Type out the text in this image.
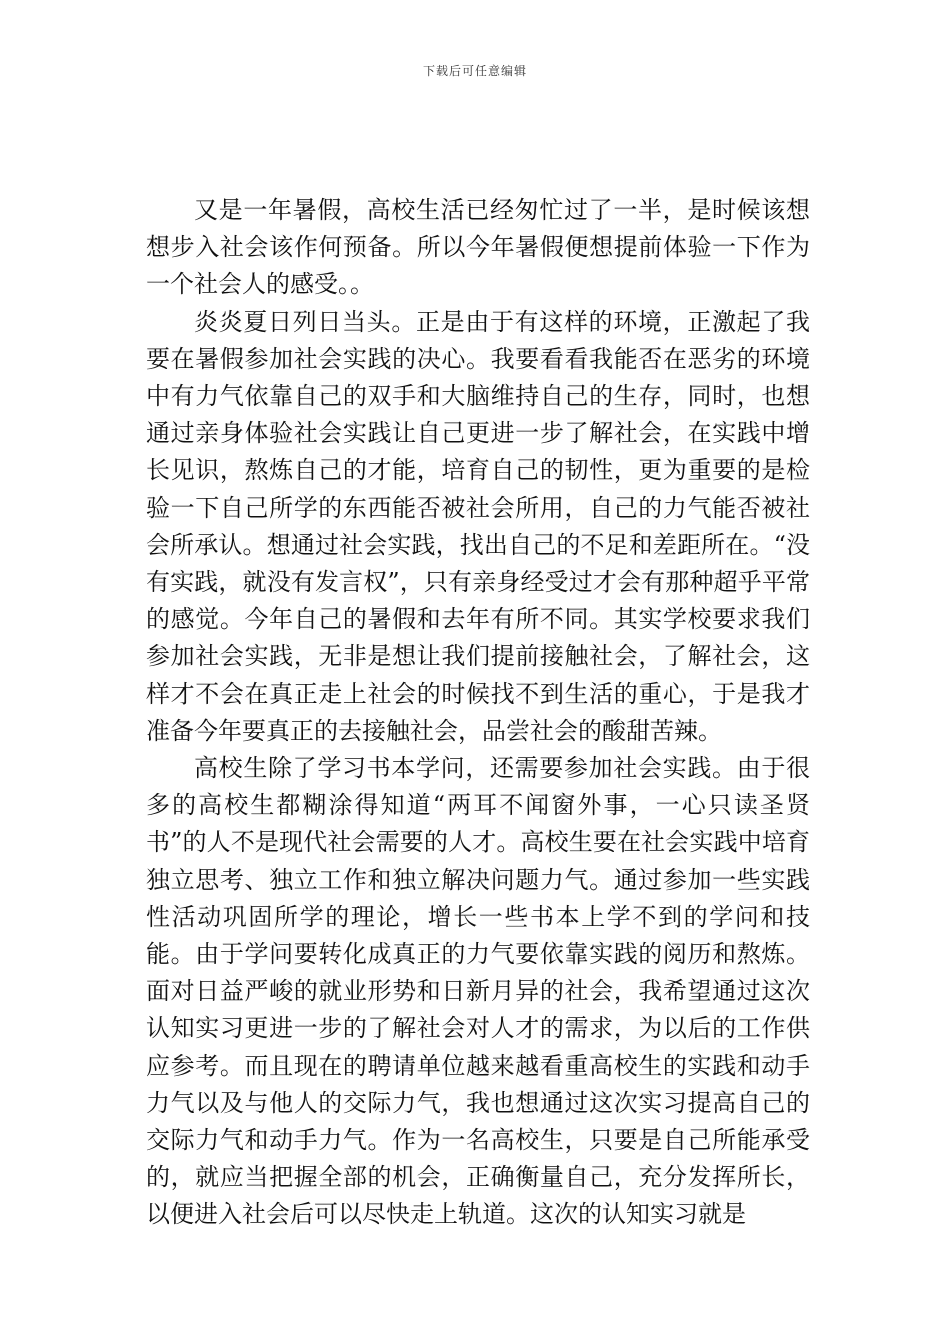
下载后可任意编辑

又是一年暑假，高校生活已经匆忙过了一半，是时候该想想步入社会该作何预备。所以今年暑假便想提前体验一下作为一个社会人的感受。。

炎炎夏日列日当头。正是由于有这样的环境，正激起了我要在暑假参加社会实践的决心。我要看看我能否在恶劣的环境中有力气依靠自己的双手和大脑维持自己的生存，同时，也想通过亲身体验社会实践让自己更进一步了解社会，在实践中增长见识，熬炼自己的才能，培育自己的韧性，更为重要的是检验一下自己所学的东西能否被社会所用，自己的力气能否被社会所承认。想通过社会实践，找出自己的不足和差距所在。“没有实践，就没有发言权”，只有亲身经受过才会有那种超乎平常的感觉。今年自己的暑假和去年有所不同。其实学校要求我们参加社会实践，无非是想让我们提前接触社会，了解社会，这样才不会在真正走上社会的时候找不到生活的重心，于是我才准备今年要真正的去接触社会，品尝社会的酸甜苦辣。

高校生除了学习书本学问，还需要参加社会实践。由于很多的高校生都糊涂得知道“两耳不闻窗外事，一心只读圣贤书”的人不是现代社会需要的人才。高校生要在社会实践中培育独立思考、独立工作和独立解决问题力气。通过参加一些实践性活动巩固所学的理论，增长一些书本上学不到的学问和技能。由于学问要转化成真正的力气要依靠实践的阅历和熬炼。面对日益严峻的就业形势和日新月异的社会，我希望通过这次认知实习更进一步的了解社会对人才的需求，为以后的工作供应参考。而且现在的聘请单位越来越看重高校生的实践和动手力气以及与他人的交际力气，我也想通过这次实习提高自己的交际力气和动手力气。作为一名高校生，只要是自己所能承受的，就应当把握全部的机会，正确衡量自己，充分发挥所长，以便进入社会后可以尽快走上轨道。这次的认知实习就是
